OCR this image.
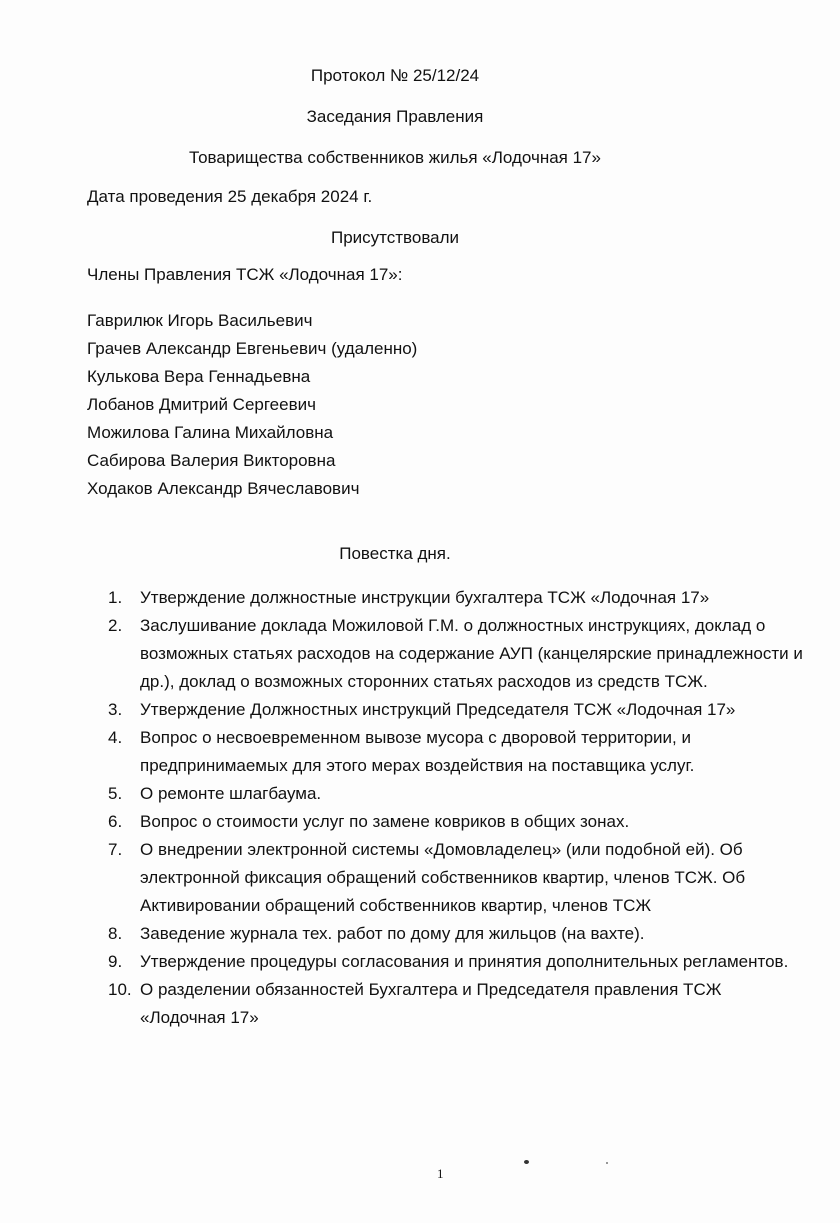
Протокол № 25/12/24
Заседания Правления
Товарищества собственников жилья «Лодочная 17»
Дата проведения 25 декабря 2024 г.
Присутствовали
Члены Правления ТСЖ «Лодочная 17»:
Гаврилюк Игорь Васильевич
Грачев Александр Евгеньевич (удаленно)
Кулькова Вера Геннадьевна
Лобанов Дмитрий Сергеевич
Можилова Галина Михайловна
Сабирова Валерия Викторовна
Ходаков Александр Вячеславович
Повестка дня.
1.	Утверждение должностные инструкции бухгалтера ТСЖ «Лодочная 17»
2.	Заслушивание доклада Можиловой Г.М. о должностных инструкциях, доклад о возможных статьях расходов на содержание АУП (канцелярские принадлежности и др.), доклад о возможных сторонних статьях расходов из средств ТСЖ.
3.	Утверждение Должностных инструкций Председателя ТСЖ «Лодочная 17»
4.	Вопрос о несвоевременном вывозе мусора с дворовой территории, и предпринимаемых для этого мерах воздействия на поставщика услуг.
5.	О ремонте шлагбаума.
6.	Вопрос о стоимости услуг по замене ковриков в общих зонах.
7.	О внедрении электронной системы «Домовладелец» (или подобной ей). Об электронной фиксация обращений собственников квартир, членов ТСЖ. Об Активировании обращений собственников квартир, членов ТСЖ
8.	Заведение журнала тех. работ по дому для жильцов (на вахте).
9.	Утверждение процедуры согласования и принятия дополнительных регламентов.
10. О разделении обязанностей Бухгалтера и Председателя правления ТСЖ «Лодочная 17»
1
